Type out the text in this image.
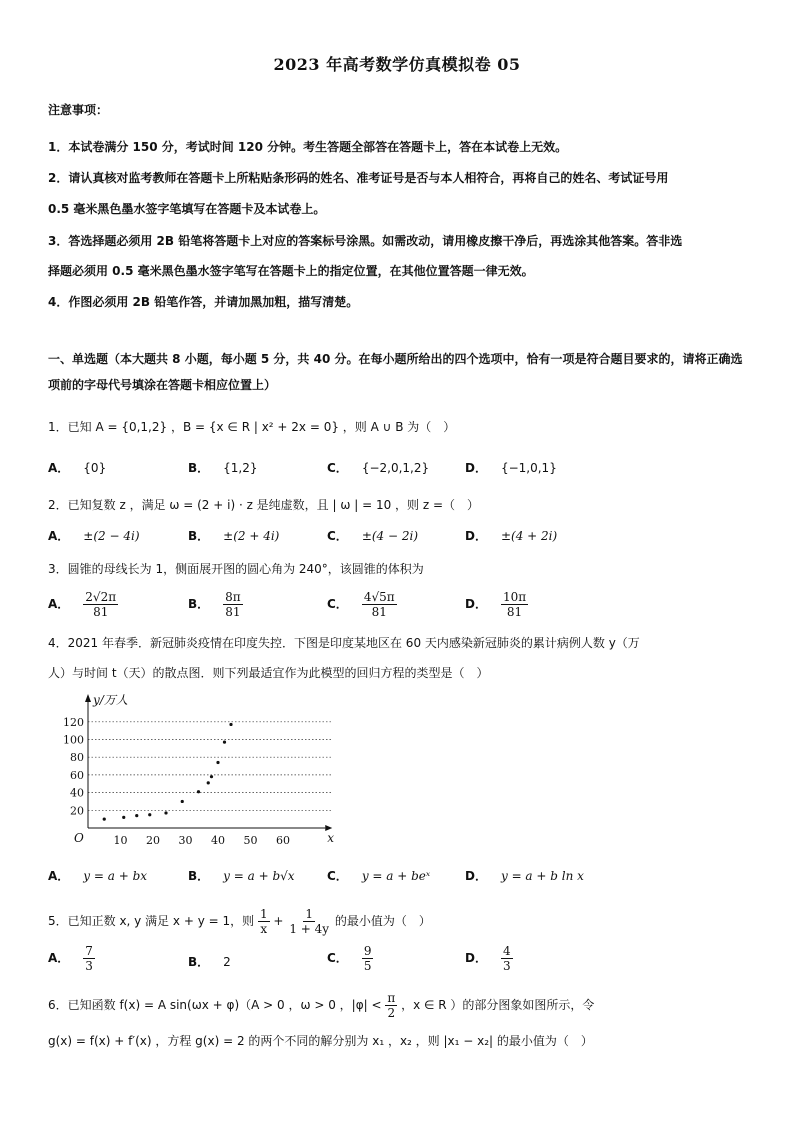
2023 年高考数学仿真模拟卷 05
注意事项：
1．本试卷满分 150 分，考试时间 120 分钟。考生答题全部答在答题卡上，答在本试卷上无效。
2．请认真核对监考教师在答题卡上所粘贴条形码的姓名、准考证号是否与本人相符合，再将自己的姓名、考试证号用
0.5 毫米黑色墨水签字笔填写在答题卡及本试卷上。
3．答选择题必须用 2B 铅笔将答题卡上对应的答案标号涂黑。如需改动，请用橡皮擦干净后，再选涂其他答案。答非选
择题必须用 0.5 毫米黑色墨水签字笔写在答题卡上的指定位置，在其他位置答题一律无效。
4．作图必须用 2B 铅笔作答，并请加黑加粗，描写清楚。
一、单选题（本大题共 8 小题，每小题 5 分，共 40 分。在每小题所给出的四个选项中，恰有一项是符合题目要求的，请将正确选项前的字母代号填涂在答题卡相应位置上）
1．已知 A = {0,1,2} ，B = {x ∈ R | x² + 2x = 0} ，则 A ∪ B 为（　）
A． {0}	B． {1,2}	C． {−2,0,1,2}	D． {−1,0,1}
2．已知复数 z ，满足 ω = (2 + i) · z 是纯虚数，且 | ω | = 10 ，则 z =（　）
A． ±(2 − 4i)	B． ±(2 + 4i)	C． ±(4 − 2i)	D． ±(4 + 2i)
3．圆锥的母线长为 1，侧面展开图的圆心角为 240°，该圆锥的体积为
A． $\frac{2√2\pi}{81}$	B． $\frac{8\pi}{81}$	C． $\frac{4√5\pi}{81}$	D． $\frac{10\pi}{81}$
4．2021 年春季．新冠肺炎疫情在印度失控．下图是印度某地区在 60 天内感染新冠肺炎的累计病例人数 y（万
人）与时间 t（天）的散点图．则下列最适宜作为此模型的回归方程的类型是（　）
20
40
60
80
100
120
10 20 30 40 50 60
y/万人
x
O
A． y = a + bx	B． y = a + b√x	C． y = a + beˣ	D． y = a + b ln x
5．已知正数 x, y 满足 x + y = 1，则 $\frac{1}{x} + \frac{1}{1 + 4y}$ 的最小值为（　）
A． $\frac{7}{3}$	B． 2	C． $\frac{9}{5}$	D． $\frac{4}{3}$
6．已知函数 f(x) = A sin(ωx + φ)（A > 0 ，ω > 0 ，$|\varphi| < \frac{\pi}{2}$ ，x ∈ R ）的部分图象如图所示，令
g(x) = f(x) + f′(x) ，方程 g(x) = 2 的两个不同的解分别为 x₁ ，x₂ ，则 |x₁ − x₂| 的最小值为（　）
